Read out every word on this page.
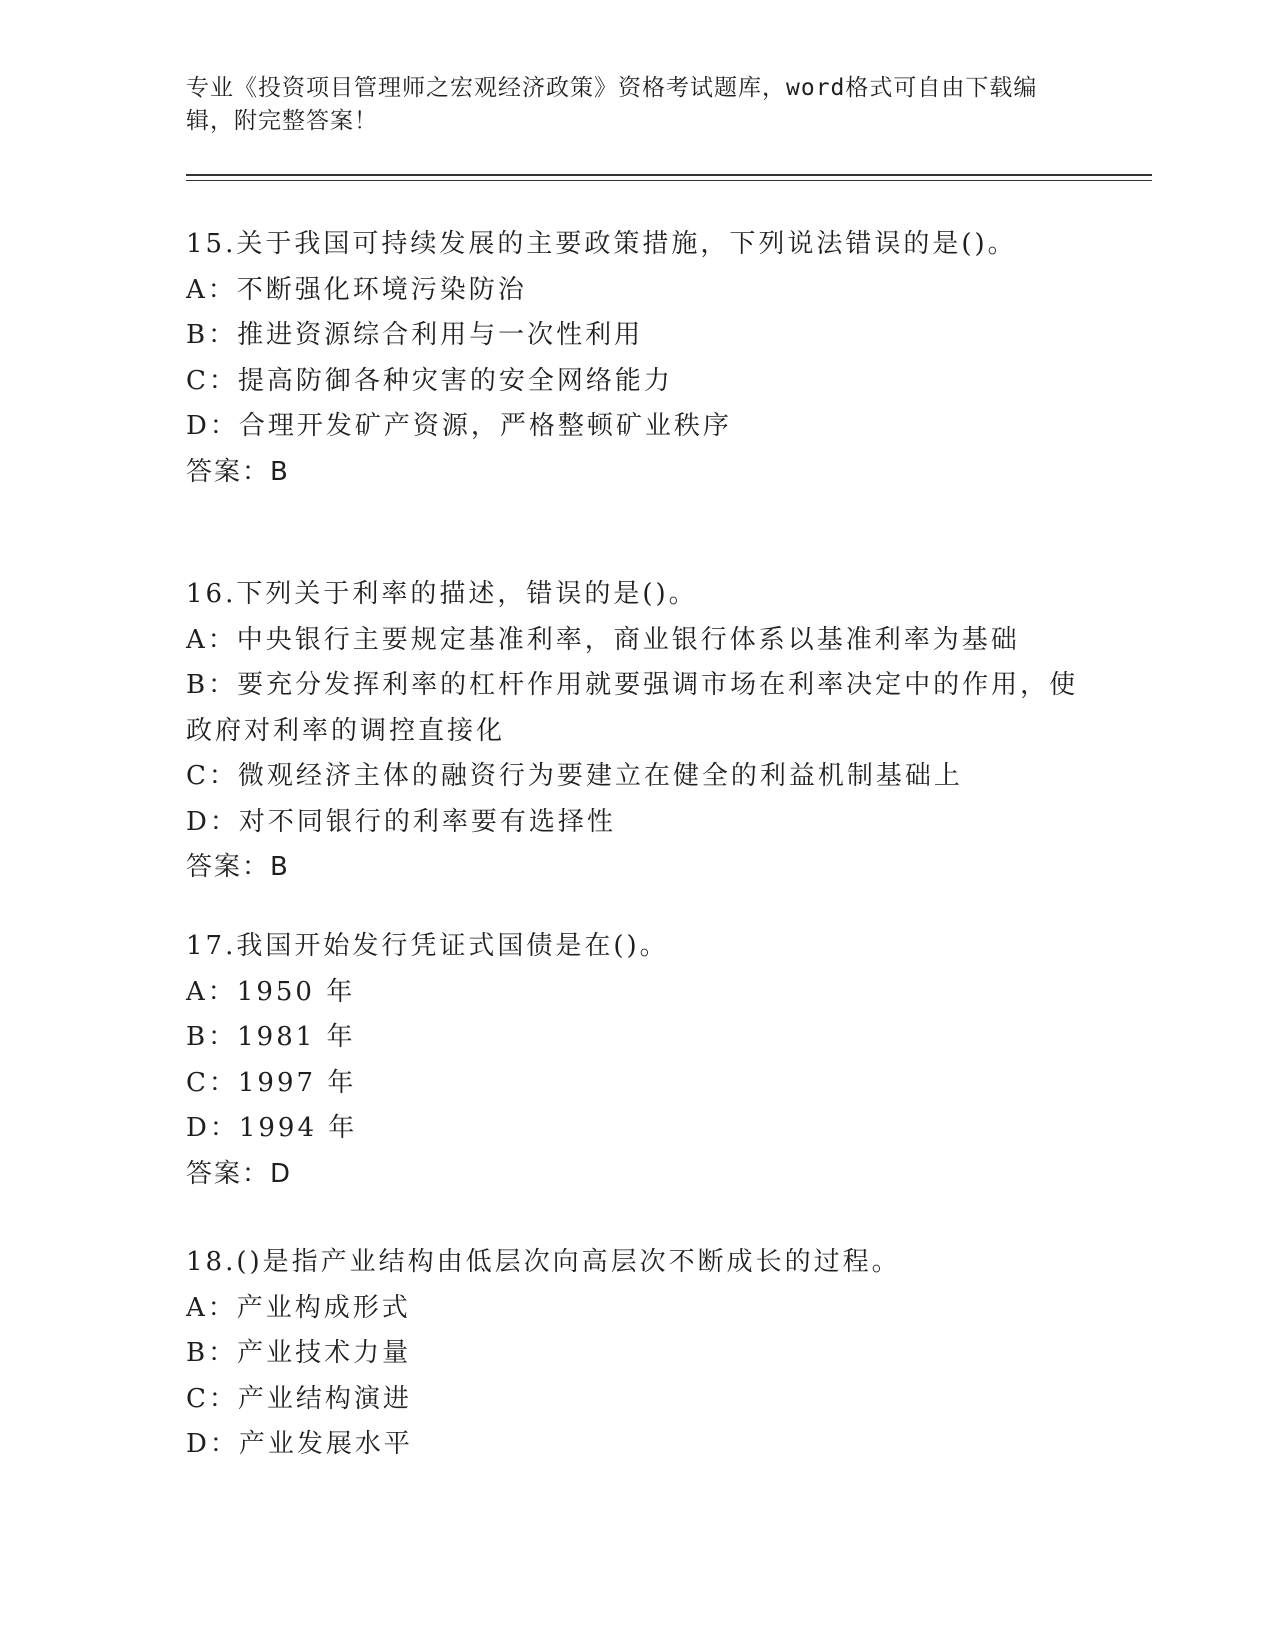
专业《投资项目管理师之宏观经济政策》资格考试题库，word格式可自由下载编
辑，附完整答案！
15.关于我国可持续发展的主要政策措施，下列说法错误的是()。
A：不断强化环境污染防治
B：推进资源综合利用与一次性利用
C：提高防御各种灾害的安全网络能力
D：合理开发矿产资源，严格整顿矿业秩序
答案：B
16.下列关于利率的描述，错误的是()。
A：中央银行主要规定基准利率，商业银行体系以基准利率为基础
B：要充分发挥利率的杠杆作用就要强调市场在利率决定中的作用，使
政府对利率的调控直接化
C：微观经济主体的融资行为要建立在健全的利益机制基础上
D：对不同银行的利率要有选择性
答案：B
17.我国开始发行凭证式国债是在()。
A：1950 年
B：1981 年
C：1997 年
D：1994 年
答案：D
18.()是指产业结构由低层次向高层次不断成长的过程。
A：产业构成形式
B：产业技术力量
C：产业结构演进
D：产业发展水平
